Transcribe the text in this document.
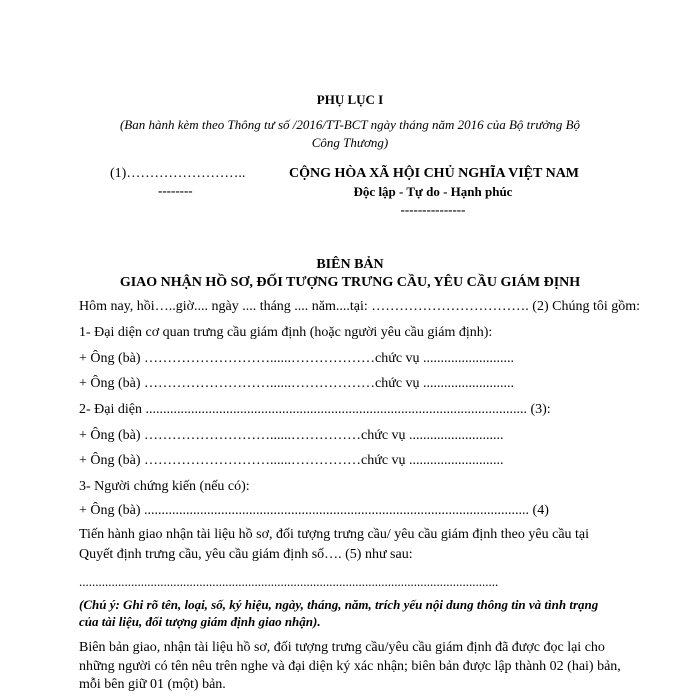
PHỤ LỤC I
(Ban hành kèm theo Thông tư số /2016/TT-BCT ngày tháng năm 2016 của Bộ trưởng Bộ
Công Thương)
(1)……………………..
--------
CỘNG HÒA XÃ HỘI CHỦ NGHĨA VIỆT NAM
Độc lập - Tự do - Hạnh phúc
---------------
BIÊN BẢN
GIAO NHẬN HỒ SƠ, ĐỐI TƯỢNG TRƯNG CẦU, YÊU CẦU GIÁM ĐỊNH
Hôm nay, hồi…..giờ.... ngày .... tháng .... năm....tại: ……………………………. (2) Chúng tôi gồm:
1- Đại diện cơ quan trưng cầu giám định (hoặc người yêu cầu giám định):
+ Ông (bà) ………………………......………………chức vụ ..........................
+ Ông (bà) ………………………......………………chức vụ ..........................
2- Đại diện ............................................................................................................. (3):
+ Ông (bà) ………………………......……………chức vụ ...........................
+ Ông (bà) ………………………......……………chức vụ ...........................
3- Người chứng kiến (nếu có):
+ Ông (bà) .............................................................................................................. (4)
Tiến hành giao nhận tài liệu hồ sơ, đối tượng trưng cầu/ yêu cầu giám định theo yêu cầu tại
Quyết định trưng cầu, yêu cầu giám định số…. (5) như sau:
.................................................................................................................................
(Chú ý: Ghi rõ tên, loại, số, ký hiệu, ngày, tháng, năm, trích yếu nội dung thông tin và tình trạng
của tài liệu, đối tượng giám định giao nhận).
Biên bản giao, nhận tài liệu hồ sơ, đối tượng trưng cầu/yêu cầu giám định đã được đọc lại cho
những người có tên nêu trên nghe và đại diện ký xác nhận; biên bản được lập thành 02 (hai) bản,
mỗi bên giữ 01 (một) bản.
